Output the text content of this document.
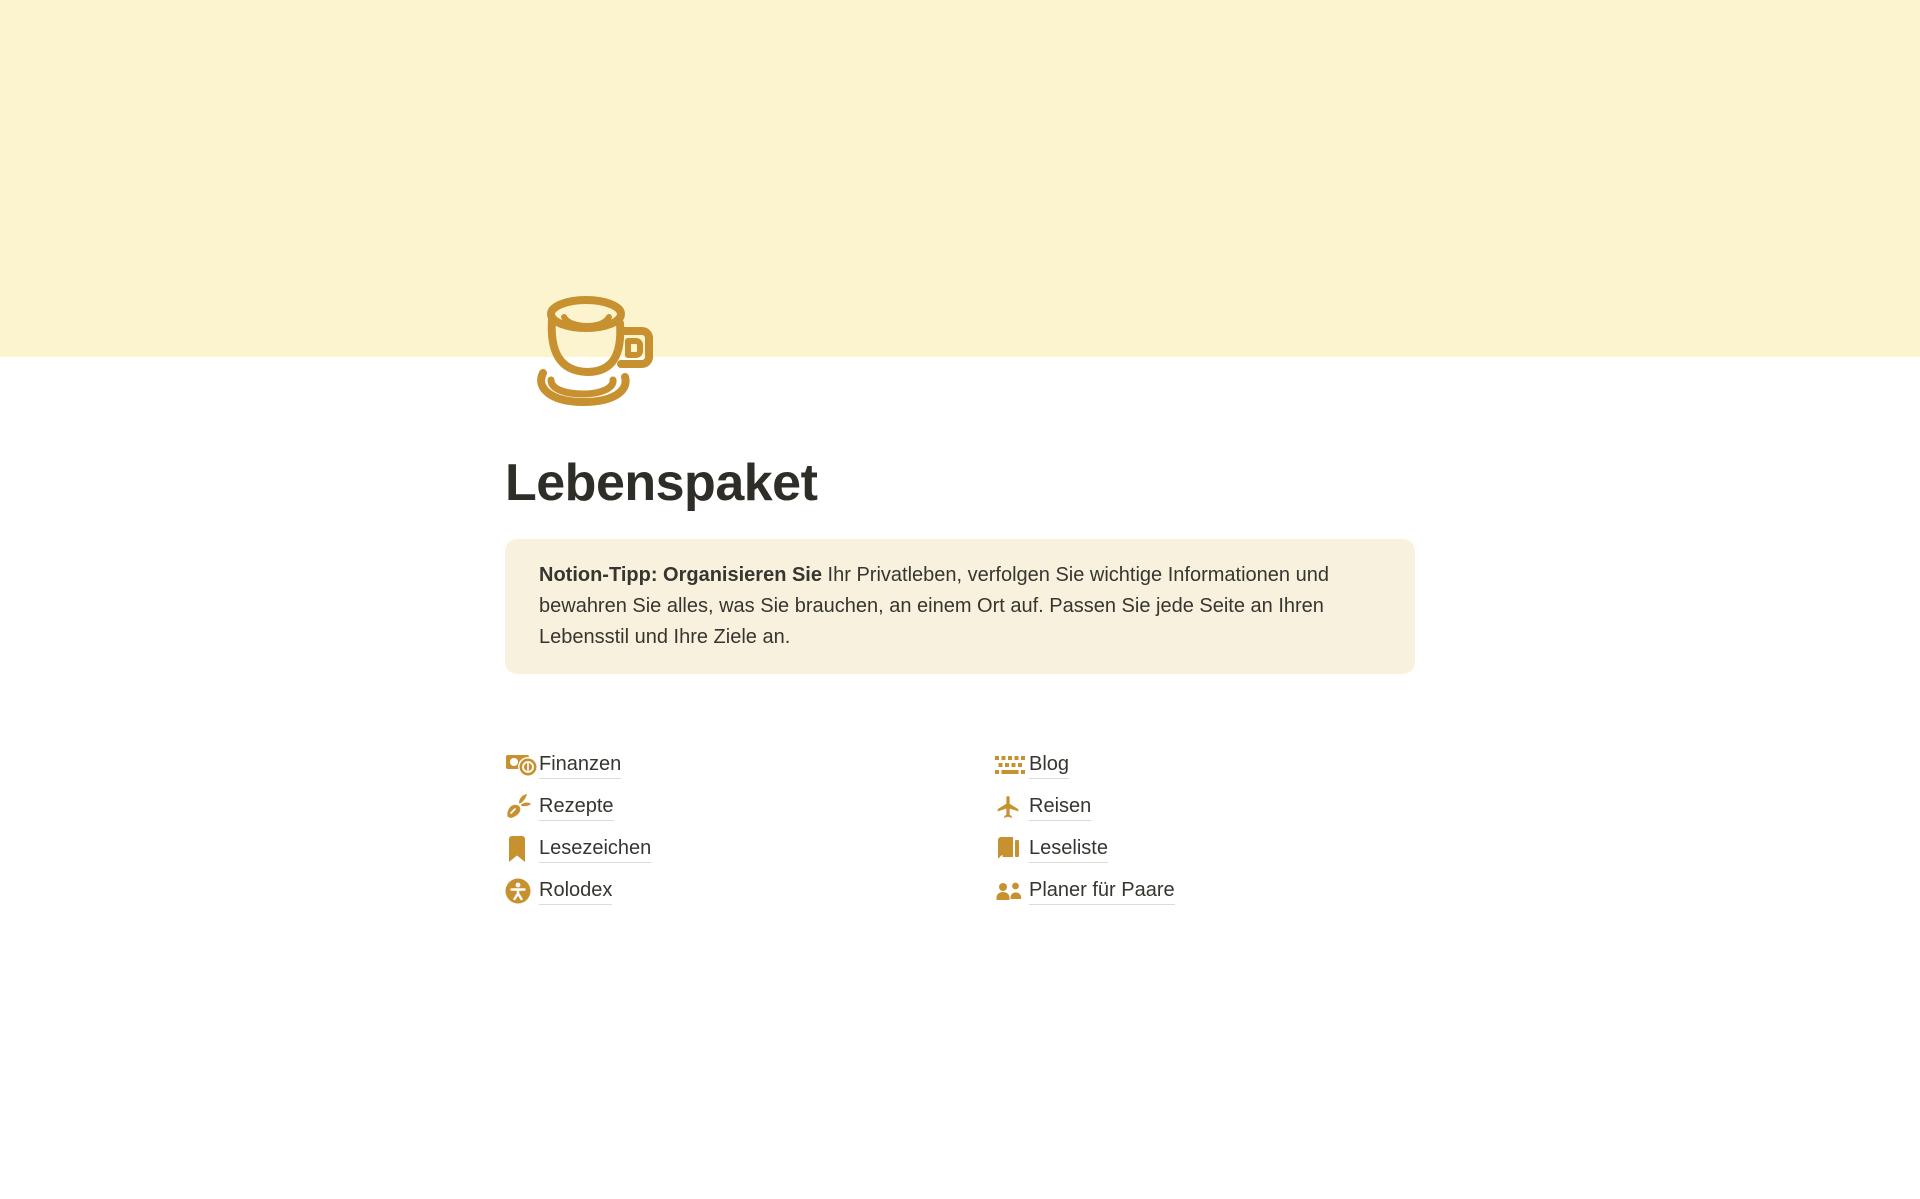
Lebenspaket
Notion-Tipp: Organisieren Sie Ihr Privatleben, verfolgen Sie wichtige Informationen und bewahren Sie alles, was Sie brauchen, an einem Ort auf. Passen Sie jede Seite an Ihren Lebensstil und Ihre Ziele an.
Finanzen
Rezepte
Lesezeichen
Rolodex
Blog
Reisen
Leseliste
Planer für Paare
